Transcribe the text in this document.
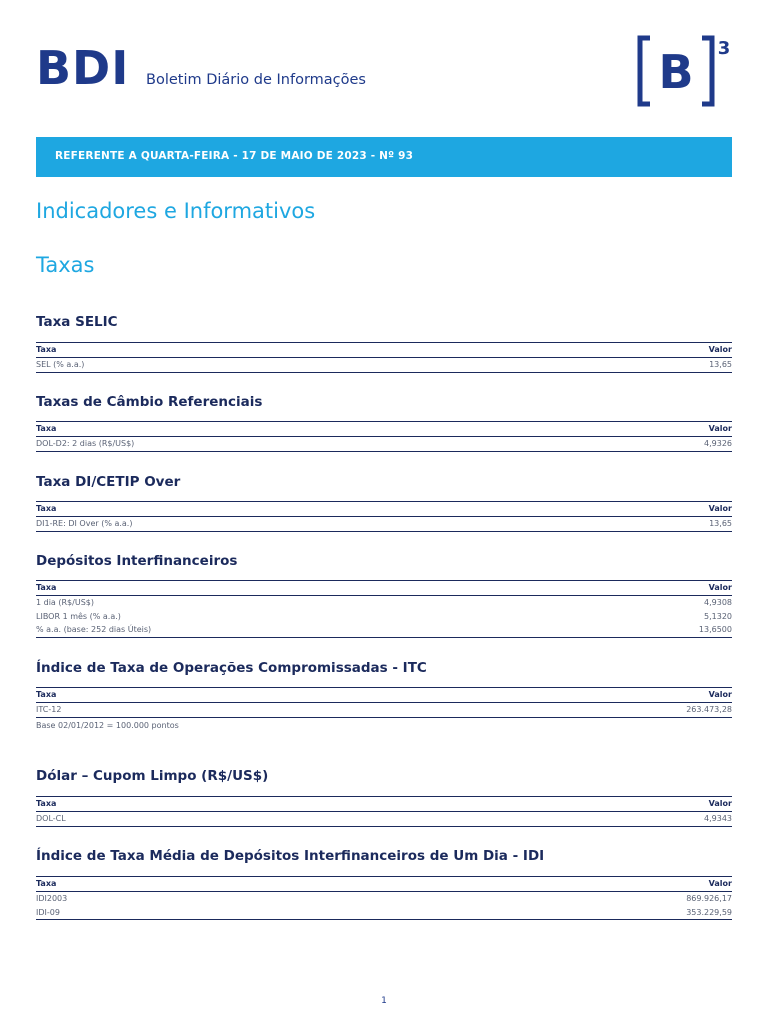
BDI Boletim Diário de Informações	B 3
REFERENTE A QUARTA-FEIRA - 17 DE MAIO DE 2023 - Nº 93
Indicadores e Informativos
Taxas
Taxa SELIC
Taxa	Valor
SEL (% a.a.)	13,65
Taxas de Câmbio Referenciais
Taxa	Valor
DOL-D2: 2 dias (R$/US$)	4,9326
Taxa DI/CETIP Over
Taxa	Valor
DI1-RE: DI Over (% a.a.)	13,65
Depósitos Interfinanceiros
Taxa	Valor
1 dia (R$/US$)	4,9308
LIBOR 1 mês (% a.a.)	5,1320
% a.a. (base: 252 dias Úteis)	13,6500
Índice de Taxa de Operações Compromissadas - ITC
Taxa	Valor
ITC-12	263.473,28
Base 02/01/2012 = 100.000 pontos
Dólar – Cupom Limpo (R$/US$)
Taxa	Valor
DOL-CL	4,9343
Índice de Taxa Média de Depósitos Interfinanceiros de Um Dia - IDI
Taxa	Valor
IDI2003	869.926,17
IDI-09	353.229,59
1
